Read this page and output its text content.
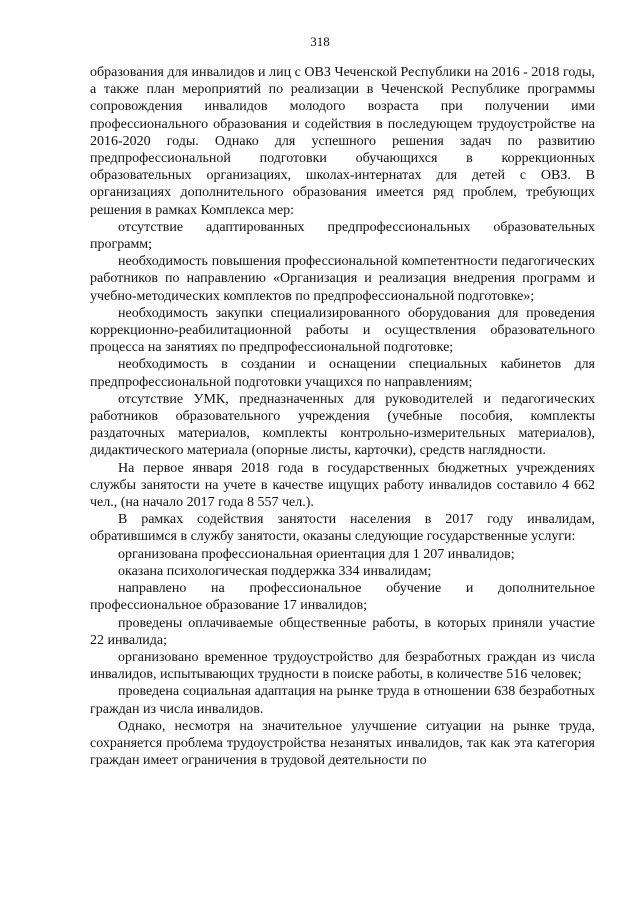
318

образования для инвалидов и лиц с ОВЗ Чеченской Республики на 2016 - 2018 годы, а также план мероприятий по реализации в Чеченской Республике программы сопровождения инвалидов молодого возраста при получении ими профессионального образования и содействия в последующем трудоустройстве на 2016-2020 годы. Однако для успешного решения задач по развитию предпрофессиональной подготовки обучающихся в коррекционных образовательных организациях, школах-интернатах для детей с ОВЗ. В организациях дополнительного образования имеется ряд проблем, требующих решения в рамках Комплекса мер:

отсутствие адаптированных предпрофессиональных образовательных программ;

необходимость повышения профессиональной компетентности педагогических работников по направлению «Организация и реализация внедрения программ и учебно-методических комплектов по предпрофессиональной подготовке»;

необходимость закупки специализированного оборудования для проведения коррекционно-реабилитационной работы и осуществления образовательного процесса на занятиях по предпрофессиональной подготовке;

необходимость в создании и оснащении специальных кабинетов для предпрофессиональной подготовки учащихся по направлениям;

отсутствие УМК, предназначенных для руководителей и педагогических работников образовательного учреждения (учебные пособия, комплекты раздаточных материалов, комплекты контрольно-измерительных материалов), дидактического материала (опорные листы, карточки), средств наглядности.

На первое января 2018 года в государственных бюджетных учреждениях службы занятости на учете в качестве ищущих работу инвалидов составило 4 662 чел., (на начало 2017 года 8 557 чел.).

В рамках содействия занятости населения в 2017 году инвалидам, обратившимся в службу занятости, оказаны следующие государственные услуги:

организована профессиональная ориентация для 1 207 инвалидов;

оказана психологическая поддержка 334 инвалидам;

направлено на профессиональное обучение и дополнительное профессиональное образование 17 инвалидов;

проведены оплачиваемые общественные работы, в которых приняли участие 22 инвалида;

организовано временное трудоустройство для безработных граждан из числа инвалидов, испытывающих трудности в поиске работы, в количестве 516 человек;

проведена социальная адаптация на рынке труда в отношении 638 безработных граждан из числа инвалидов.

Однако, несмотря на значительное улучшение ситуации на рынке труда, сохраняется проблема трудоустройства незанятых инвалидов, так как эта категория граждан имеет ограничения в трудовой деятельности по
